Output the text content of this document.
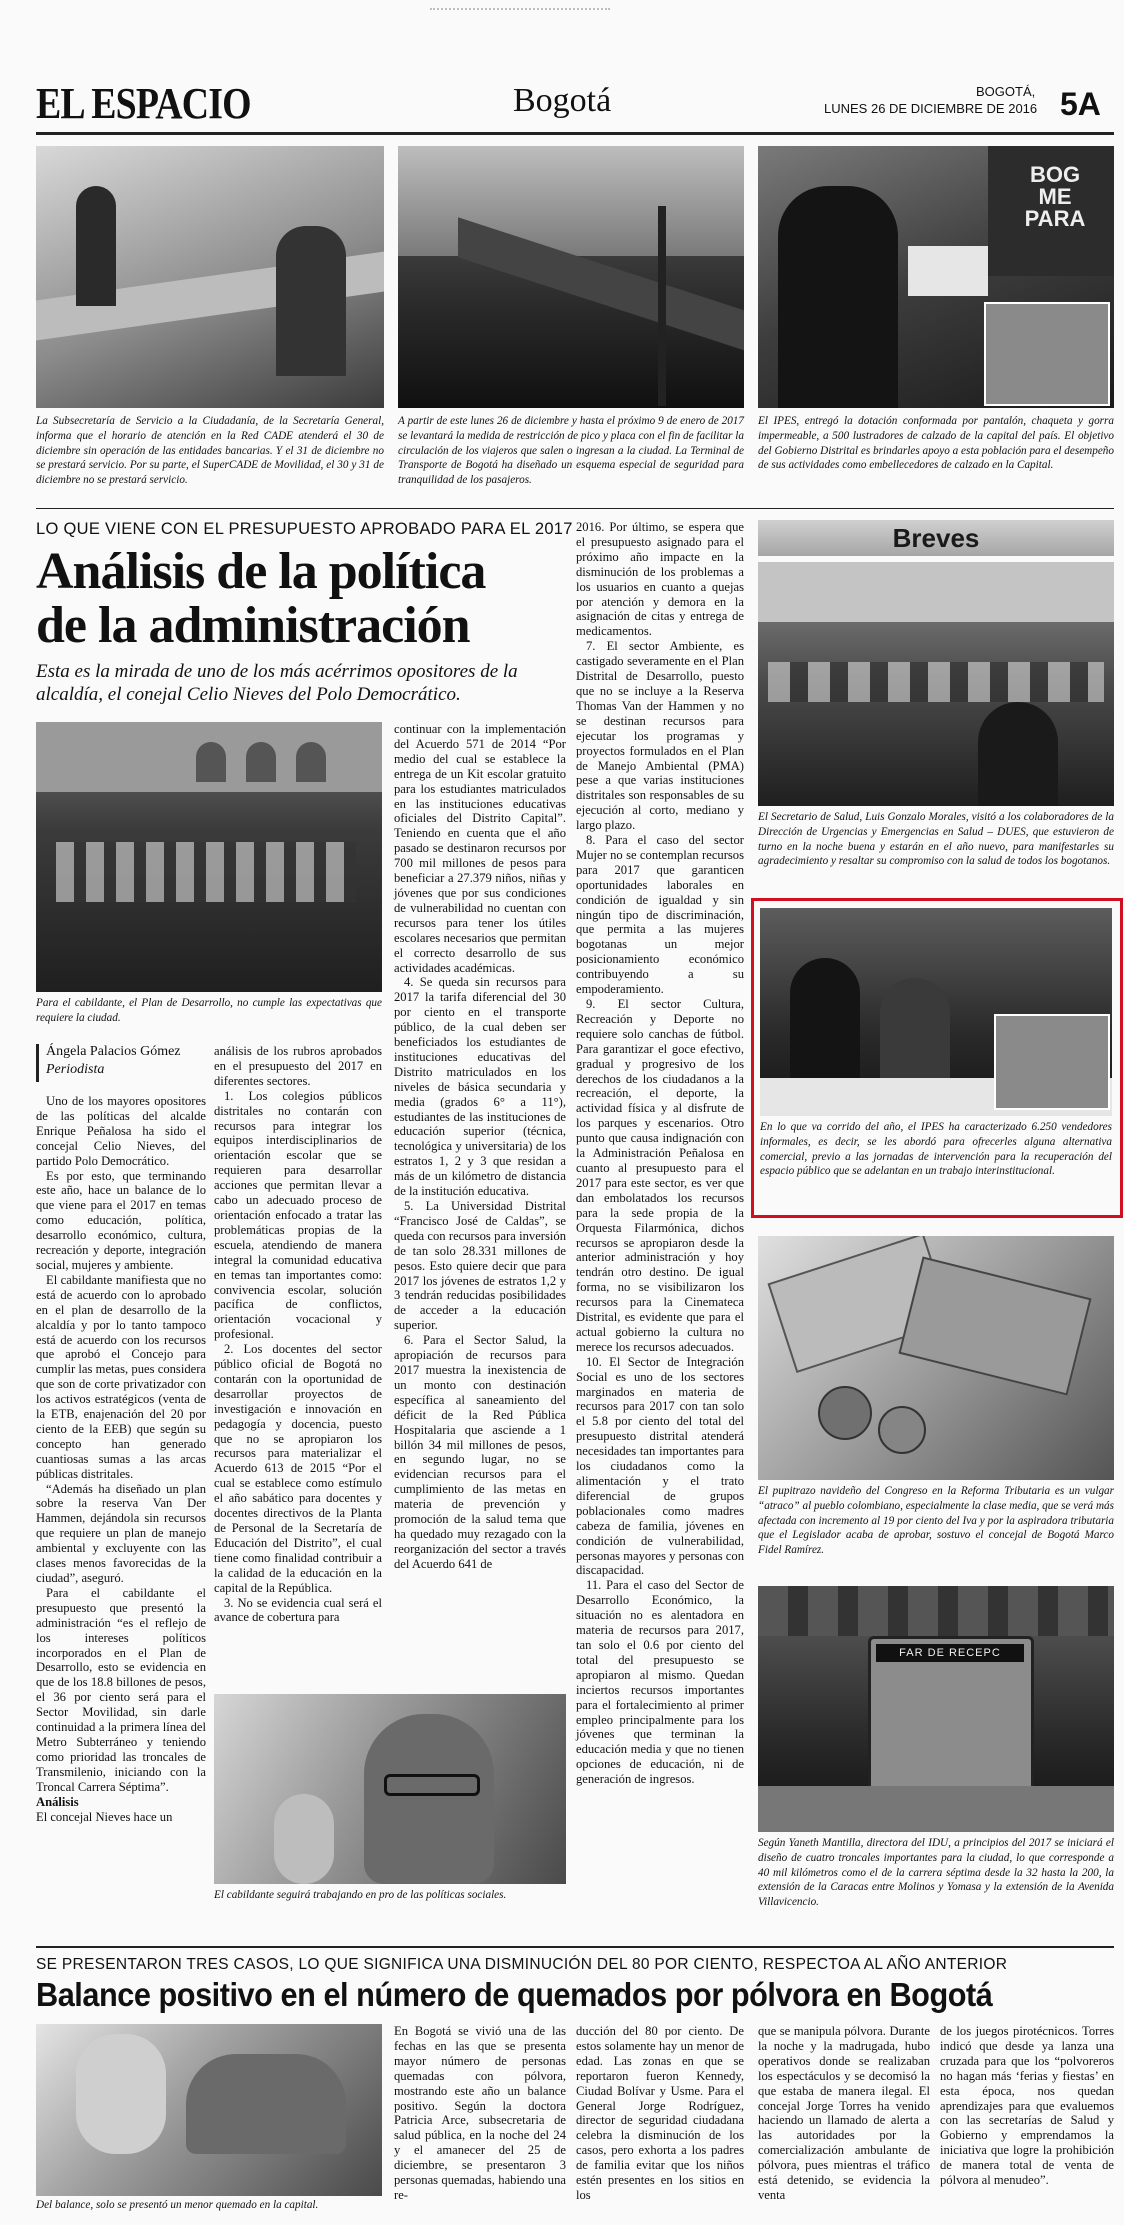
EL ESPACIO	Bogotá	BOGOTÁ,
LUNES 26 DE DICIEMBRE DE 2016 5A
La Subsecretaría de Servicio a la Ciudadanía, de la Secretaría General, informa que el horario de atención en la Red CADE atenderá el 30 de diciembre sin operación de las entidades bancarias. Y el 31 de diciembre no se prestará servicio. Por su parte, el SuperCADE de Movilidad, el 30 y 31 de diciembre no se prestará servicio.
A partir de este lunes 26 de diciembre y hasta el próximo 9 de enero de 2017 se levantará la medida de restricción de pico y placa con el fin de facilitar la circulación de los viajeros que salen o ingresan a la ciudad. La Terminal de Transporte de Bogotá ha diseñado un esquema especial de seguridad para tranquilidad de los pasajeros.
BOG ME PARA
El IPES, entregó la dotación conformada por pantalón, chaqueta y gorra impermeable, a 500 lustradores de calzado de la capital del país. El objetivo del Gobierno Distrital es brindarles apoyo a esta población para el desempeño de sus actividades como embellecedores de calzado en la Capital.
LO QUE VIENE CON EL PRESUPUESTO APROBADO PARA EL 2017
Análisis de la política
de la administración
Esta es la mirada de uno de los más acérrimos opositores de la alcaldía, el conejal Celio Nieves del Polo Democrático.
Para el cabildante, el Plan de Desarrollo, no cumple las expectativas que requiere la ciudad.
Ángela Palacios Gómez
Periodista

Uno de los mayores opositores de las políticas del alcalde Enrique Peñalosa ha sido el concejal Celio Nieves, del partido Polo Democrático.

Es por esto, que terminando este año, hace un balance de lo que viene para el 2017 en temas como educación, política, desarrollo económico, cultura, recreación y deporte, integración social, mujeres y ambiente.

El cabildante manifiesta que no está de acuerdo con lo aprobado en el plan de desarrollo de la alcaldía y por lo tanto tampoco está de acuerdo con los recursos que aprobó el Concejo para cumplir las metas, pues considera que son de corte privatizador con los activos estratégicos (venta de la ETB, enajenación del 20 por ciento de la EEB) que según su concepto han generado cuantiosas sumas a las arcas públicas distritales.

“Además ha diseñado un plan sobre la reserva Van Der Hammen, dejándola sin recursos que requiere un plan de manejo ambiental y excluyente con las clases menos favorecidas de la ciudad”, aseguró.

Para el cabildante el presupuesto que presentó la administración “es el reflejo de los intereses políticos incorporados en el Plan de Desarrollo, esto se evidencia en que de los 18.8 billones de pesos, el 36 por ciento será para el Sector Movilidad, sin darle continuidad a la primera línea del Metro Subterráneo y teniendo como prioridad las troncales de Transmilenio, iniciando con la Troncal Carrera Séptima”.

Análisis

El concejal Nieves hace un

análisis de los rubros aprobados en el presupuesto del 2017 en diferentes sectores.

1. Los colegios públicos distritales no contarán con recursos para integrar los equipos interdisciplinarios de orientación escolar que se requieren para desarrollar acciones que permitan llevar a cabo un adecuado proceso de orientación enfocado a tratar las problemáticas propias de la escuela, atendiendo de manera integral la comunidad educativa en temas tan importantes como: convivencia escolar, solución pacífica de conflictos, orientación vocacional y profesional.

2. Los docentes del sector público oficial de Bogotá no contarán con la oportunidad de desarrollar proyectos de investigación e innovación en pedagogía y docencia, puesto que no se apropiaron los recursos para materializar el Acuerdo 613 de 2015 “Por el cual se establece como estímulo el año sabático para docentes y docentes directivos de la Planta de Personal de la Secretaría de Educación del Distrito”, el cual tiene como finalidad contribuir a la calidad de la educación en la capital de la República.

3. No se evidencia cual será el avance de cobertura para

continuar con la implementación del Acuerdo 571 de 2014 “Por medio del cual se establece la entrega de un Kit escolar gratuito para los estudiantes matriculados en las instituciones educativas oficiales del Distrito Capital”. Teniendo en cuenta que el año pasado se destinaron recursos por 700 mil millones de pesos para beneficiar a 27.379 niños, niñas y jóvenes que por sus condiciones de vulnerabilidad no cuentan con recursos para tener los útiles escolares necesarios que permitan el correcto desarrollo de sus actividades académicas.

4. Se queda sin recursos para 2017 la tarifa diferencial del 30 por ciento en el transporte público, de la cual deben ser beneficiados los estudiantes de instituciones educativas del Distrito matriculados en los niveles de básica secundaria y media (grados 6° a 11°), estudiantes de las instituciones de educación superior (técnica, tecnológica y universitaria) de los estratos 1, 2 y 3 que residan a más de un kilómetro de distancia de la institución educativa.

5. La Universidad Distrital “Francisco José de Caldas”, se queda con recursos para inversión de tan solo 28.331 millones de pesos. Esto quiere decir que para 2017 los jóvenes de estratos 1,2 y 3 tendrán reducidas posibilidades de acceder a la educación superior.

6. Para el Sector Salud, la apropiación de recursos para 2017 muestra la inexistencia de un monto con destinación específica al saneamiento del déficit de la Red Pública Hospitalaria que asciende a 1 billón 34 mil millones de pesos, en segundo lugar, no se evidencian recursos para el cumplimiento de las metas en materia de prevención y promoción de la salud tema que ha quedado muy rezagado con la reorganización del sector a través del Acuerdo 641 de

2016. Por último, se espera que el presupuesto asignado para el próximo año impacte en la disminución de los problemas a los usuarios en cuanto a quejas por atención y demora en la asignación de citas y entrega de medicamentos.

7. El sector Ambiente, es castigado severamente en el Plan Distrital de Desarrollo, puesto que no se incluye a la Reserva Thomas Van der Hammen y no se destinan recursos para ejecutar los programas y proyectos formulados en el Plan de Manejo Ambiental (PMA) pese a que varias instituciones distritales son responsables de su ejecución al corto, mediano y largo plazo.

8. Para el caso del sector Mujer no se contemplan recursos para 2017 que garanticen oportunidades laborales en condición de igualdad y sin ningún tipo de discriminación, que permita a las mujeres bogotanas un mejor posicionamiento económico contribuyendo a su empoderamiento.

9. El sector Cultura, Recreación y Deporte no requiere solo canchas de fútbol. Para garantizar el goce efectivo, gradual y progresivo de los derechos de los ciudadanos a la recreación, el deporte, la actividad física y al disfrute de los parques y escenarios. Otro punto que causa indignación con la Administración Peñalosa en cuanto al presupuesto para el 2017 para este sector, es ver que dan embolatados los recursos para la sede propia de la Orquesta Filarmónica, dichos recursos se apropiaron desde la anterior administración y hoy tendrán otro destino. De igual forma, no se visibilizaron los recursos para la Cinemateca Distrital, es evidente que para el actual gobierno la cultura no merece los recursos adecuados.

10. El Sector de Integración Social es uno de los sectores marginados en materia de recursos para 2017 con tan solo el 5.8 por ciento del total del presupuesto distrital atenderá necesidades tan importantes para los ciudadanos como la alimentación y el trato diferencial de grupos poblacionales como madres cabeza de familia, jóvenes en condición de vulnerabilidad, personas mayores y personas con discapacidad.

11. Para el caso del Sector de Desarrollo Económico, la situación no es alentadora en materia de recursos para 2017, tan solo el 0.6 por ciento del total del presupuesto se apropiaron al mismo. Quedan inciertos recursos importantes para el fortalecimiento al primer empleo principalmente para los jóvenes que terminan la educación media y que no tienen opciones de educación, ni de generación de ingresos.

El cabildante seguirá trabajando en pro de las políticas sociales.
Breves
El Secretario de Salud, Luis Gonzalo Morales, visitó a los colaboradores de la Dirección de Urgencias y Emergencias en Salud – DUES, que estuvieron de turno en la noche buena y estarán en el año nuevo, para manifestarles su agradecimiento y resaltar su compromiso con la salud de todos los bogotanos.
En lo que va corrido del año, el IPES ha caracterizado 6.250 vendedores informales, es decir, se les abordó para ofrecerles alguna alternativa comercial, previo a las jornadas de intervención para la recuperación del espacio público que se adelantan en un trabajo interinstitucional.
El pupitrazo navideño del Congreso en la Reforma Tributaria es un vulgar “atraco” al pueblo colombiano, especialmente la clase media, que se verá más afectada con incremento al 19 por ciento del Iva y por la aspiradora tributaria que el Legislador acaba de aprobar, sostuvo el concejal de Bogotá Marco Fidel Ramírez.
FAR DE RECEPC
Según Yaneth Mantilla, directora del IDU, a principios del 2017 se iniciará el diseño de cuatro troncales importantes para la ciudad, lo que corresponde a 40 mil kilómetros como el de la carrera séptima desde la 32 hasta la 200, la extensión de la Caracas entre Molinos y Yomasa y la extensión de la Avenida Villavicencio.
SE PRESENTARON TRES CASOS, LO QUE SIGNIFICA UNA DISMINUCIÓN DEL 80 POR CIENTO, RESPECTOA AL AÑO ANTERIOR
Balance positivo en el número de quemados por pólvora en Bogotá
Del balance, solo se presentó un menor quemado en la capital.

En Bogotá se vivió una de las fechas en las que se presenta mayor número de personas quemadas con pólvora, mostrando este año un balance positivo. Según la doctora Patricia Arce, subsecretaria de salud pública, en la noche del 24 y el amanecer del 25 de diciembre, se presentaron 3 personas quemadas, habiendo una re-

ducción del 80 por ciento. De estos solamente hay un menor de edad. Las zonas en que se reportaron fueron Kennedy, Ciudad Bolívar y Usme. Para el General Jorge Rodríguez, director de seguridad ciudadana celebra la disminución de los casos, pero exhorta a los padres de familia evitar que los niños estén presentes en los sitios en los

que se manipula pólvora. Durante la noche y la madrugada, hubo operativos donde se realizaban los espectáculos y se decomisó la que estaba de manera ilegal. El concejal Jorge Torres ha venido haciendo un llamado de alerta a las autoridades por la comercialización ambulante de pólvora, pues mientras el tráfico está detenido, se evidencia la venta

de los juegos pirotécnicos. Torres indicó que desde ya lanza una cruzada para que los “polvoreros no hagan más ‘ferias y fiestas’ en esta época, nos quedan aprendizajes para que evaluemos con las secretarías de Salud y Gobierno y emprendamos la iniciativa que logre la prohibición de manera total de venta de pólvora al menudeo”.
